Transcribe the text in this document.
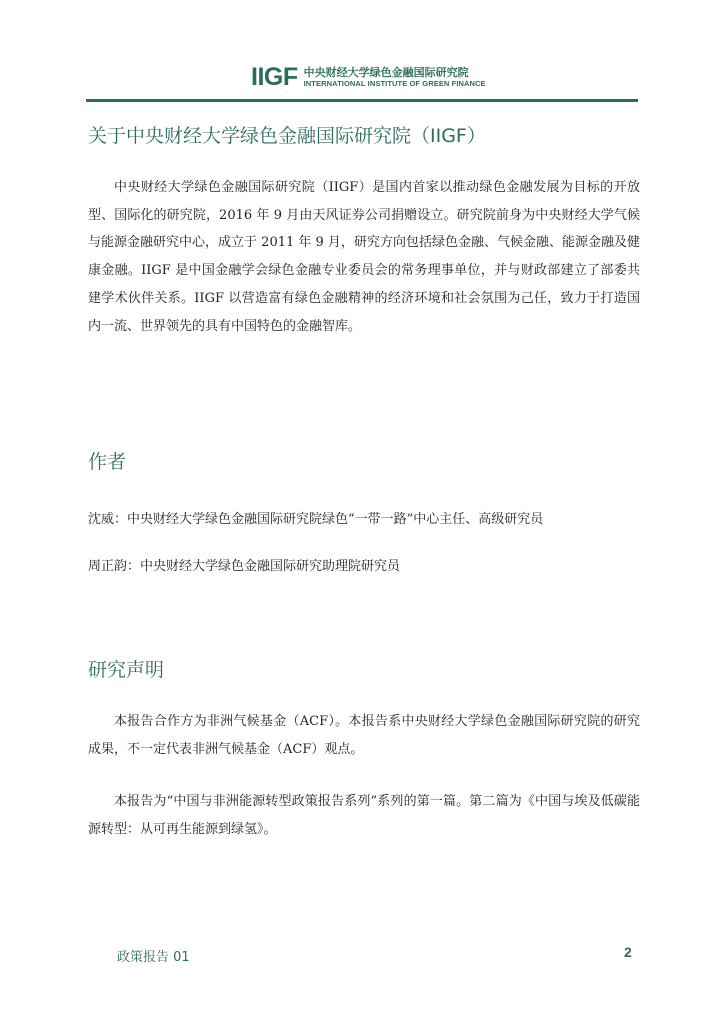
IIGF 中央财经大学绿色金融国际研究院
INTERNATIONAL INSTITUTE OF GREEN FINANCE
关于中央财经大学绿色金融国际研究院（IIGF）

中央财经大学绿色金融国际研究院（IIGF）是国内首家以推动绿色金融发展为目标的开放型、国际化的研究院，2016 年 9 月由天风证券公司捐赠设立。研究院前身为中央财经大学气候与能源金融研究中心，成立于 2011 年 9 月，研究方向包括绿色金融、气候金融、能源金融及健康金融。IIGF 是中国金融学会绿色金融专业委员会的常务理事单位，并与财政部建立了部委共建学术伙伴关系。IIGF 以营造富有绿色金融精神的经济环境和社会氛围为己任，致力于打造国内一流、世界领先的具有中国特色的金融智库。

作者

沈威：中央财经大学绿色金融国际研究院绿色“一带一路”中心主任、高级研究员

周正韵：中央财经大学绿色金融国际研究助理院研究员

研究声明

本报告合作方为非洲气候基金（ACF）。本报告系中央财经大学绿色金融国际研究院的研究成果，不一定代表非洲气候基金（ACF）观点。

本报告为“中国与非洲能源转型政策报告系列”系列的第一篇。第二篇为《中国与埃及低碳能源转型：从可再生能源到绿氢》。

政策报告 01	2
